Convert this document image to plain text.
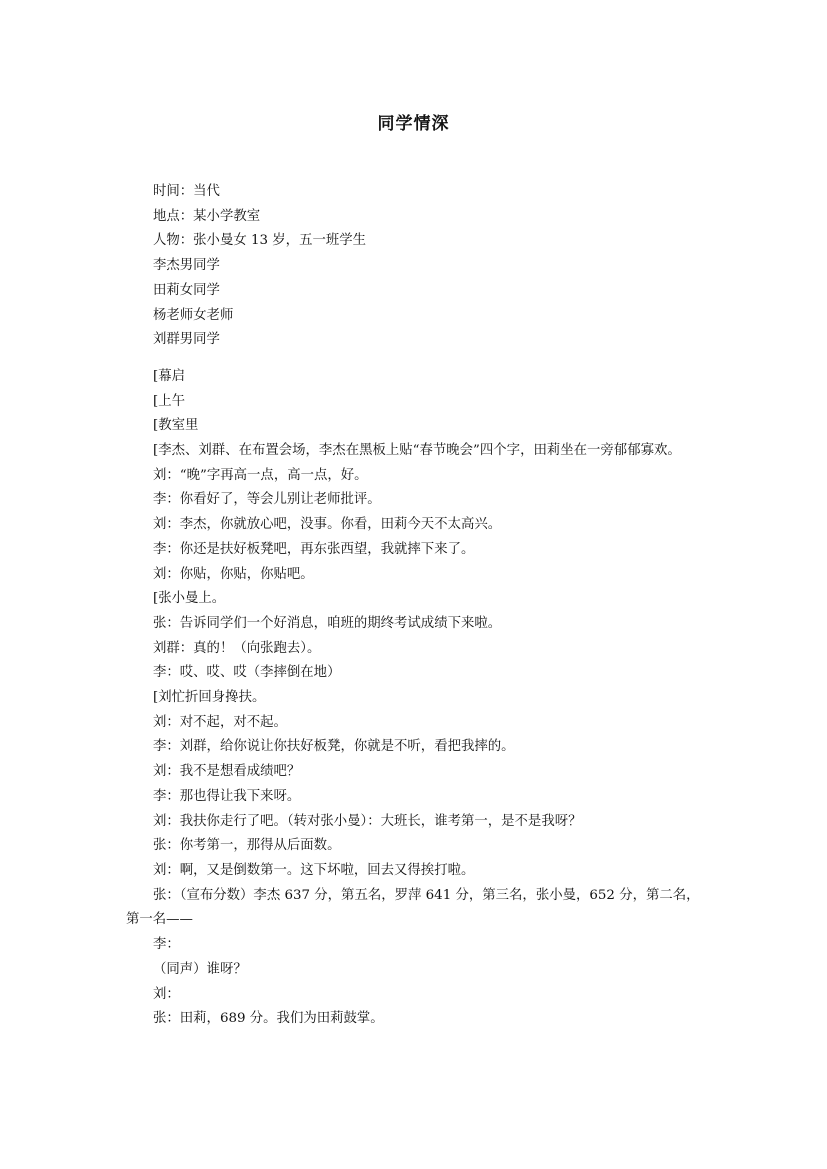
同学情深

时间：当代

地点：某小学教室

人物：张小曼女 13 岁，五一班学生

李杰男同学

田莉女同学

杨老师女老师

刘群男同学

[幕启

[上午

[教室里

[李杰、刘群、在布置会场，李杰在黑板上贴“春节晚会”四个字，田莉坐在一旁郁郁寡欢。

刘：“晚”字再高一点，高一点，好。

李：你看好了，等会儿别让老师批评。

刘：李杰，你就放心吧，没事。你看，田莉今天不太高兴。

李：你还是扶好板凳吧，再东张西望，我就摔下来了。

刘：你贴，你贴，你贴吧。

[张小曼上。

张：告诉同学们一个好消息，咱班的期终考试成绩下来啦。

刘群：真的！（向张跑去）。

李：哎、哎、哎（李摔倒在地）

[刘忙折回身搀扶。

刘：对不起，对不起。

李：刘群，给你说让你扶好板凳，你就是不听，看把我摔的。

刘：我不是想看成绩吧？

李：那也得让我下来呀。

刘：我扶你走行了吧。（转对张小曼）：大班长，谁考第一，是不是我呀？

张：你考第一，那得从后面数。

刘：啊，又是倒数第一。这下坏啦，回去又得挨打啦。

张：（宣布分数）李杰 637 分，第五名，罗萍 641 分，第三名，张小曼，652 分，第二名，第一名——

李：

（同声）谁呀？

刘：

张：田莉，689 分。我们为田莉鼓掌。
